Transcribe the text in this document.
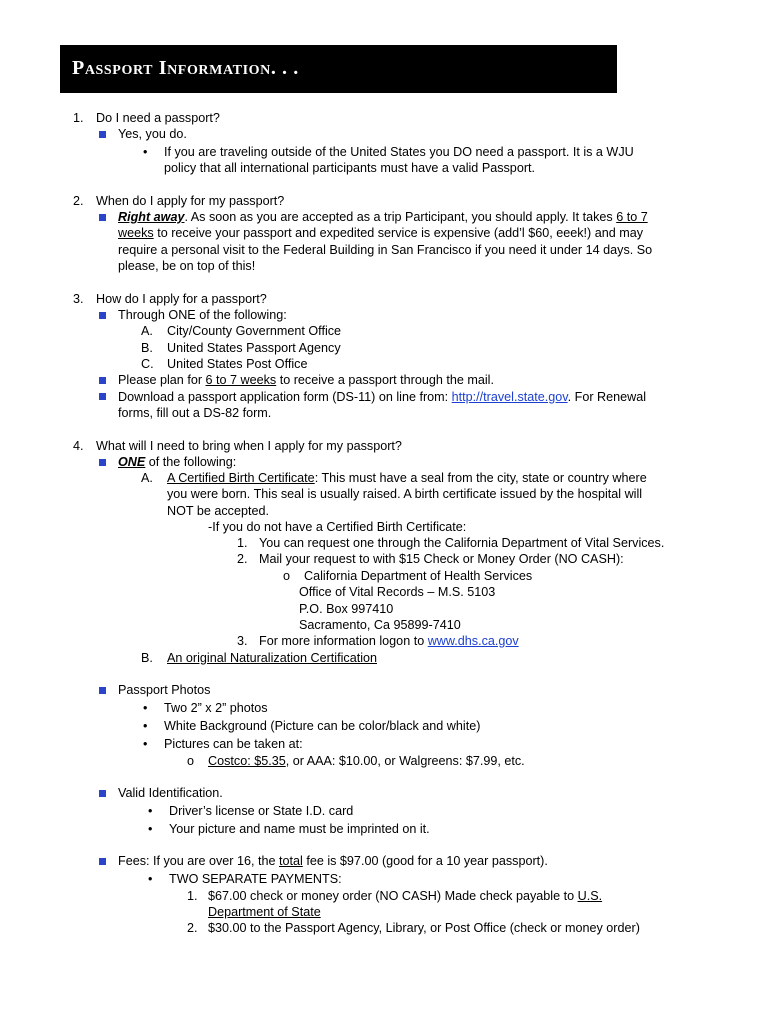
Passport Information. . .
1. Do I need a passport?
Yes, you do.
• If you are traveling outside of the United States you DO need a passport. It is a WJU
policy that all international participants must have a valid Passport.
2. When do I apply for my passport?
Right away. As soon as you are accepted as a trip Participant, you should apply. It takes 6 to 7
weeks to receive your passport and expedited service is expensive (add’l $60, eeek!) and may
require a personal visit to the Federal Building in San Francisco if you need it under 14 days. So
please, be on top of this!
3. How do I apply for a passport?
Through ONE of the following:
A. City/County Government Office
B. United States Passport Agency
C. United States Post Office
Please plan for 6 to 7 weeks to receive a passport through the mail.
Download a passport application form (DS-11) on line from: http://travel.state.gov. For Renewal
forms, fill out a DS-82 form.
4. What will I need to bring when I apply for my passport?
ONE of the following:
A. A Certified Birth Certificate: This must have a seal from the city, state or country where
you were born. This seal is usually raised. A birth certificate issued by the hospital will
NOT be accepted.
-If you do not have a Certified Birth Certificate:
1. You can request one through the California Department of Vital Services.
2. Mail your request to with $15 Check or Money Order (NO CASH):
o California Department of Health Services
Office of Vital Records – M.S. 5103
P.O. Box 997410
Sacramento, Ca 95899-7410
3. For more information logon to www.dhs.ca.gov
B. An original Naturalization Certification
Passport Photos
• Two 2” x 2” photos
• White Background (Picture can be color/black and white)
• Pictures can be taken at:
o Costco: $5.35, or AAA: $10.00, or Walgreens: $7.99, etc.
Valid Identification.
• Driver’s license or State I.D. card
• Your picture and name must be imprinted on it.
Fees: If you are over 16, the total fee is $97.00 (good for a 10 year passport).
• TWO SEPARATE PAYMENTS:
1. $67.00 check or money order (NO CASH) Made check payable to U.S.
Department of State
2. $30.00 to the Passport Agency, Library, or Post Office (check or money order)
